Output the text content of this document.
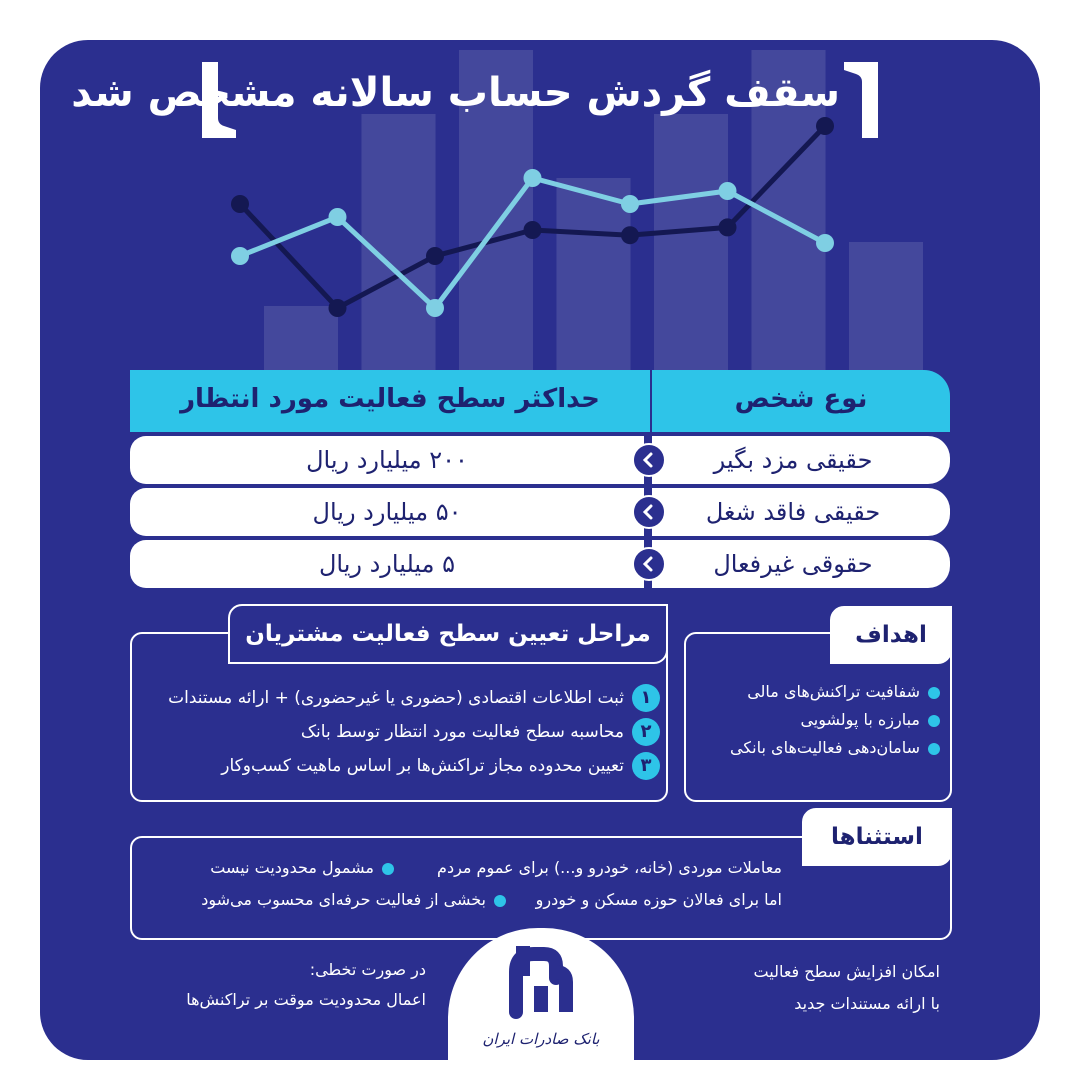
سقف گردش حساب سالانه مشخص شد
حداکثر سطح فعالیت مورد انتظار	نوع شخص
۲۰۰ میلیارد ریال	حقیقی مزد بگیر
۵۰ میلیارد ریال	حقیقی فاقد شغل
۵ میلیارد ریال	حقوقی غیرفعال
مراحل تعیین سطح فعالیت مشتریان
۱ثبت اطلاعات اقتصادی (حضوری یا غیرحضوری) + ارائه مستندات
۲محاسبه سطح فعالیت مورد انتظار توسط بانک
۳تعیین محدوده مجاز تراکنش‌ها بر اساس ماهیت کسب‌وکار
اهداف
شفافیت تراکنش‌های مالی
مبارزه با پولشویی
سامان‌دهی فعالیت‌های بانکی
استثناها
معاملات موردی (خانه، خودرو و...) برای عموم مردم
مشمول محدودیت نیست
اما برای فعالان حوزه مسکن و خودرو
بخشی از فعالیت حرفه‌ای محسوب می‌شود
امکان افزایش سطح فعالیت
با ارائه مستندات جدید
در صورت تخطی:
اعمال محدودیت موقت بر تراکنش‌ها
بانک صادرات ایران
